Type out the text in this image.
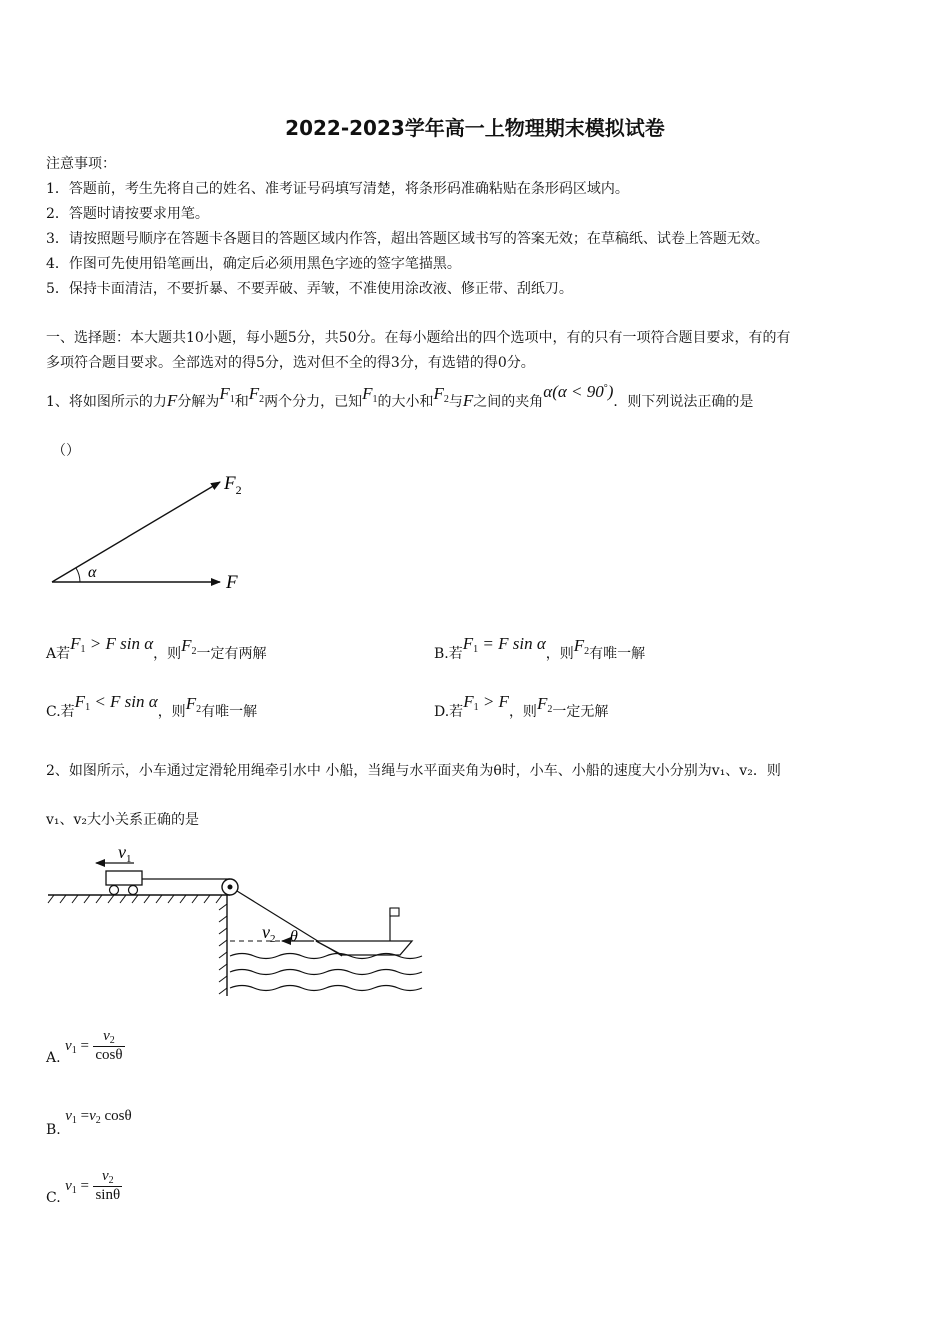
2022-2023学年高一上物理期末模拟试卷
注意事项：
1．答题前，考生先将自己的姓名、准考证号码填写清楚，将条形码准确粘贴在条形码区域内。
2．答题时请按要求用笔。
3．请按照题号顺序在答题卡各题目的答题区域内作答，超出答题区域书写的答案无效；在草稿纸、试卷上答题无效。
4．作图可先使用铅笔画出，确定后必须用黑色字迹的签字笔描黑。
5．保持卡面清洁，不要折暴、不要弄破、弄皱，不准使用涂改液、修正带、刮纸刀。
一、选择题：本大题共10小题，每小题5分，共50分。在每小题给出的四个选项中，有的只有一项符合题目要求，有的有
多项符合题目要求。全部选对的得5分，选对但不全的得3分，有选错的得0分。
1、将如图所示的力F分解为$F_1$和$F_2$两个分力，已知$F_1$的大小和$F_2$与F之间的夹角α(α < 90°)．则下列说法正确的是
（）
α	F
$F_2$
A若$F_1 > F$ sin α，则$F_2$一定有两解	B.若$F_1 = F$ sin α，则$F_2$有唯一解
C.若$F_1 < F$ sin α，则$F_2$有唯一解	D.若$F_1 > F$，则$F_2$一定无解
2、如图所示，小车通过定滑轮用绳牵引水中 小船，当绳与水平面夹角为θ时，小车、小船的速度大小分别为v₁、v₂．则
v₁、v₂大小关系正确的是
$v_1$
$v_2$ θ
A. $v_1 = \frac{v_2}{\cos\theta}$
B. $v_1 =v_2$ cosθ
C. $v_1 = \frac{v_2}{\sin\theta}$
